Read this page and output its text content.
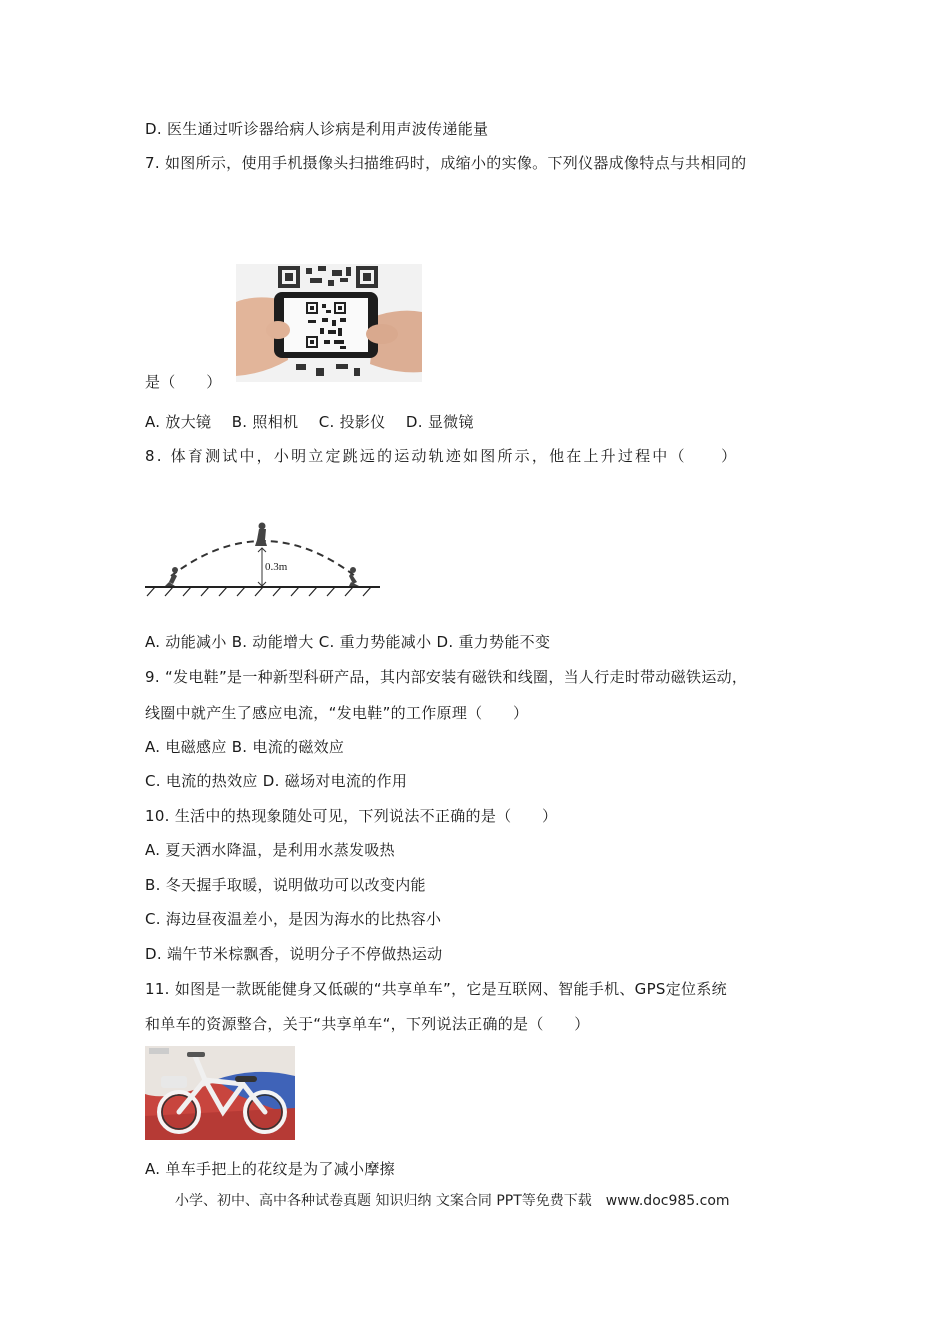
D. 医生通过听诊器给病人诊病是利用声波传递能量
7. 如图所示，使用手机摄像头扫描维码时，成缩小的实像。下列仪器成像特点与共相同的
是（　　）
A. 放大镜　 B. 照相机　 C. 投影仪　 D. 显微镜
8. 体育测试中，小明立定跳远的运动轨迹如图所示，他在上升过程中（　　）
0.3m
A. 动能减小 B. 动能增大 C. 重力势能减小 D. 重力势能不变
9. “发电鞋”是一种新型科研产品，其内部安装有磁铁和线圈，当人行走时带动磁铁运动，
线圈中就产生了感应电流，“发电鞋”的工作原理（　　）
A. 电磁感应 B. 电流的磁效应
C. 电流的热效应 D. 磁场对电流的作用
10. 生活中的热现象随处可见，下列说法不正确的是（　　）
A. 夏天洒水降温，是利用水蒸发吸热
B. 冬天握手取暖，说明做功可以改变内能
C. 海边昼夜温差小，是因为海水的比热容小
D. 端午节米棕飘香，说明分子不停做热运动
11. 如图是一款既能健身又低碳的“共享单车”，它是互联网、智能手机、GPS定位系统
和单车的资源整合，关于“共享单车“，下列说法正确的是（　　）
A. 单车手把上的花纹是为了减小摩擦
小学、初中、高中各种试卷真题 知识归纳 文案合同 PPT等免费下载　www.doc985.com
